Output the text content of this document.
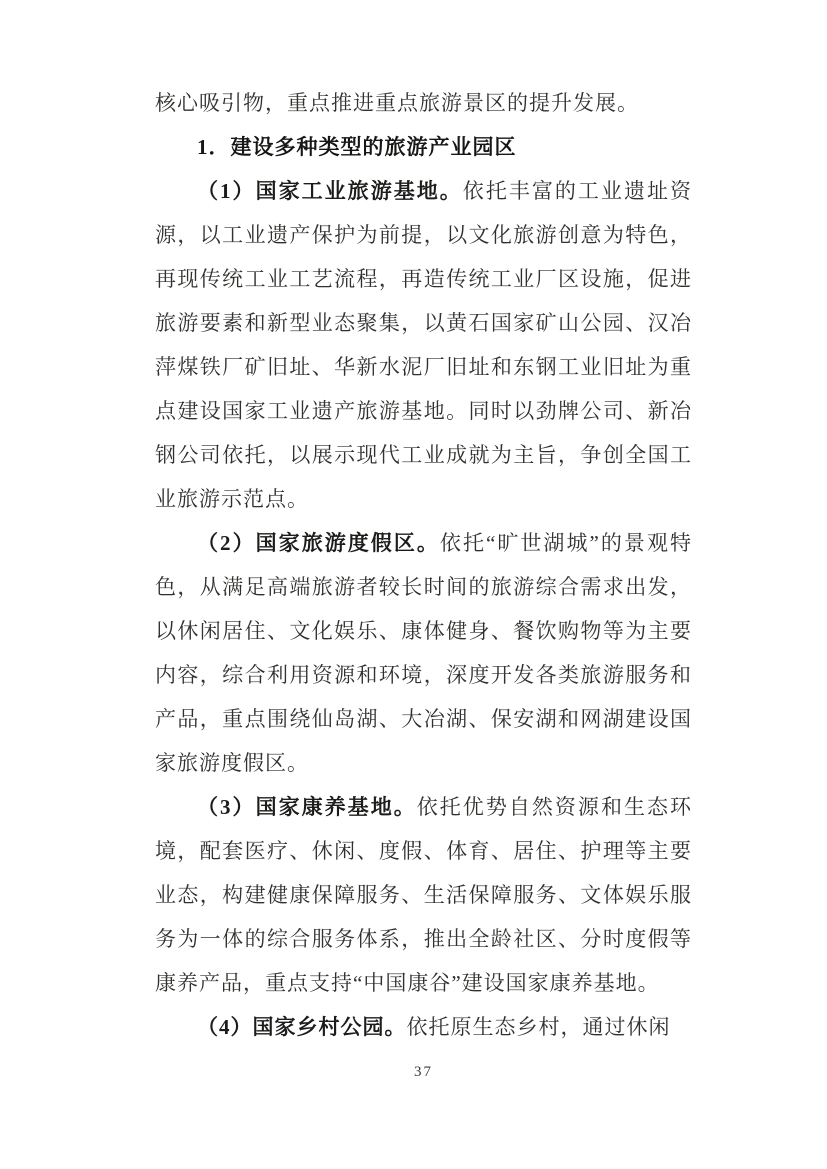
核心吸引物，重点推进重点旅游景区的提升发展。

1．建设多种类型的旅游产业园区

（1）国家工业旅游基地。依托丰富的工业遗址资源，以工业遗产保护为前提，以文化旅游创意为特色，再现传统工业工艺流程，再造传统工业厂区设施，促进旅游要素和新型业态聚集，以黄石国家矿山公园、汉冶萍煤铁厂矿旧址、华新水泥厂旧址和东钢工业旧址为重点建设国家工业遗产旅游基地。同时以劲牌公司、新冶钢公司依托，以展示现代工业成就为主旨，争创全国工业旅游示范点。

（2）国家旅游度假区。依托“旷世湖城”的景观特色，从满足高端旅游者较长时间的旅游综合需求出发，以休闲居住、文化娱乐、康体健身、餐饮购物等为主要内容，综合利用资源和环境，深度开发各类旅游服务和产品，重点围绕仙岛湖、大冶湖、保安湖和网湖建设国家旅游度假区。

（3）国家康养基地。依托优势自然资源和生态环境，配套医疗、休闲、度假、体育、居住、护理等主要业态，构建健康保障服务、生活保障服务、文体娱乐服务为一体的综合服务体系，推出全龄社区、分时度假等康养产品，重点支持“中国康谷”建设国家康养基地。

（4）国家乡村公园。依托原生态乡村，通过休闲

37
